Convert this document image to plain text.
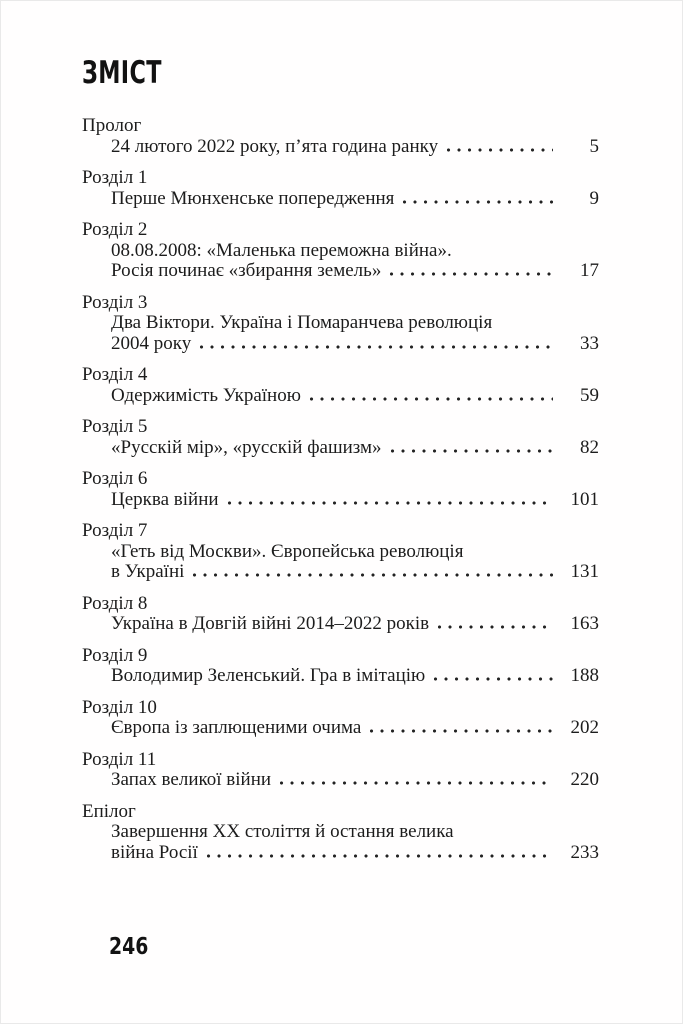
ЗМІСТ
Пролог
24 лютого 2022 року, п’ята година ранку	5
Розділ 1
Перше Мюнхенське попередження	9
Розділ 2
08.08.2008: «Маленька переможна війна».
Росія починає «збирання земель»	17
Розділ 3
Два Віктори. Україна і Помаранчева революція
2004 року	33
Розділ 4
Одержимість Україною	59
Розділ 5
«Русскій мір», «русскій фашизм»	82
Розділ 6
Церква війни	101
Розділ 7
«Геть від Москви». Європейська революція
в Україні	131
Розділ 8
Україна в Довгій війні 2014–2022 років	163
Розділ 9
Володимир Зеленський. Гра в імітацію	188
Розділ 10
Європа із заплющеними очима	202
Розділ 11
Запах великої війни	220
Епілог
Завершення XX століття й остання велика
війна Росії	233
246
